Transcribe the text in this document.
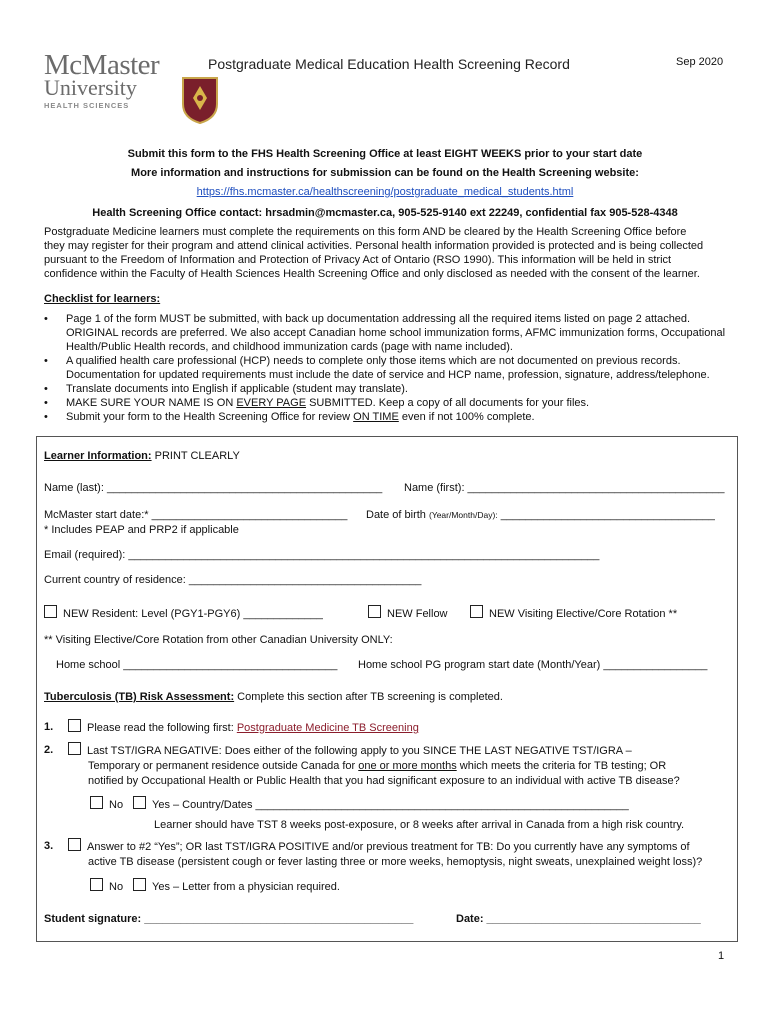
McMaster
University
HEALTH SCIENCES
Postgraduate Medical Education Health Screening Record	Sep 2020
Submit this form to the FHS Health Screening Office at least EIGHT WEEKS prior to your start date
More information and instructions for submission can be found on the Health Screening website:
https://fhs.mcmaster.ca/healthscreening/postgraduate_medical_students.html
Health Screening Office contact: hrsadmin@mcmaster.ca, 905-525-9140 ext 22249, confidential fax 905-528-4348
Postgraduate Medicine learners must complete the requirements on this form AND be cleared by the Health Screening Office before
they may register for their program and attend clinical activities. Personal health information provided is protected and is being collected
pursuant to the Freedom of Information and Protection of Privacy Act of Ontario (RSO 1990). This information will be held in strict
confidence within the Faculty of Health Sciences Health Screening Office and only disclosed as needed with the consent of the learner.
Checklist for learners:
• Page 1 of the form MUST be submitted, with back up documentation addressing all the required items listed on page 2 attached. ORIGINAL records are preferred. We also accept Canadian home school immunization forms, AFMC immunization forms, Occupational Health/Public Health records, and childhood immunization cards (page with name included).
• A qualified health care professional (HCP) needs to complete only those items which are not documented on previous records. Documentation for updated requirements must include the date of service and HCP name, profession, signature, address/telephone.
• Translate documents into English if applicable (student may translate).
• MAKE SURE YOUR NAME IS ON EVERY PAGE SUBMITTED. Keep a copy of all documents for your files.
• Submit your form to the Health Screening Office for review ON TIME even if not 100% complete.
Learner Information: PRINT CLEARLY
Name (last): _____________________________________________ Name (first): __________________________________________
McMaster start date:* ________________________________ Date of birth (Year/Month/Day): ___________________________________
* Includes PEAP and PRP2 if applicable
Email (required): _____________________________________________________________________________
Current country of residence: ______________________________________
NEW Resident: Level (PGY1-PGY6) _____________	NEW Fellow	NEW Visiting Elective/Core Rotation **
** Visiting Elective/Core Rotation from other Canadian University ONLY:
Home school ___________________________________ Home school PG program start date (Month/Year) _________________
Tuberculosis (TB) Risk Assessment: Complete this section after TB screening is completed.
1.	Please read the following first: Postgraduate Medicine TB Screening
2.	Last TST/IGRA NEGATIVE: Does either of the following apply to you SINCE THE LAST NEGATIVE TST/IGRA –
Temporary or permanent residence outside Canada for one or more months which meets the criteria for TB testing; OR
notified by Occupational Health or Public Health that you had significant exposure to an individual with active TB disease?
No	Yes – Country/Dates _____________________________________________________________
Learner should have TST 8 weeks post-exposure, or 8 weeks after arrival in Canada from a high risk country.
3.	Answer to #2 “Yes”; OR last TST/IGRA POSITIVE and/or previous treatment for TB: Do you currently have any symptoms of
active TB disease (persistent cough or fever lasting three or more weeks, hemoptysis, night sweats, unexplained weight loss)?
No	Yes – Letter from a physician required.
Student signature: ____________________________________________	Date: ___________________________________
1
